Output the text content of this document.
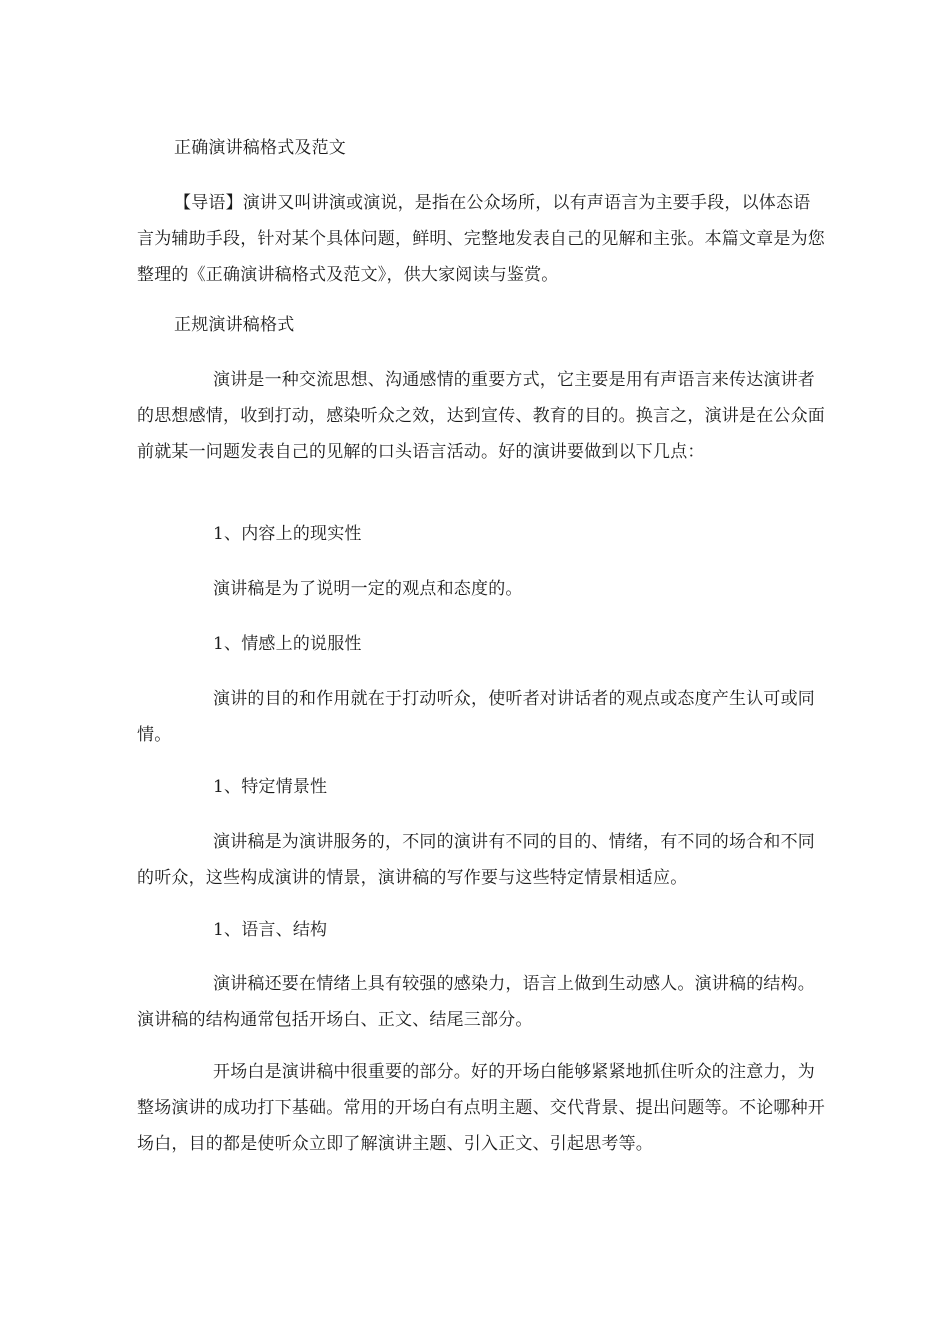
正确演讲稿格式及范文

【导语】演讲又叫讲演或演说，是指在公众场所，以有声语言为主要手段，以体态语言为辅助手段，针对某个具体问题，鲜明、完整地发表自己的见解和主张。本篇文章是为您整理的《正确演讲稿格式及范文》，供大家阅读与鉴赏。

正规演讲稿格式

演讲是一种交流思想、沟通感情的重要方式，它主要是用有声语言来传达演讲者的思想感情，收到打动，感染听众之效，达到宣传、教育的目的。换言之，演讲是在公众面前就某一问题发表自己的见解的口头语言活动。好的演讲要做到以下几点：

1、内容上的现实性

演讲稿是为了说明一定的观点和态度的。

1、情感上的说服性

演讲的目的和作用就在于打动听众，使听者对讲话者的观点或态度产生认可或同情。

1、特定情景性

演讲稿是为演讲服务的，不同的演讲有不同的目的、情绪，有不同的场合和不同的听众，这些构成演讲的情景，演讲稿的写作要与这些特定情景相适应。

1、语言、结构

演讲稿还要在情绪上具有较强的感染力，语言上做到生动感人。演讲稿的结构。演讲稿的结构通常包括开场白、正文、结尾三部分。

开场白是演讲稿中很重要的部分。好的开场白能够紧紧地抓住听众的注意力，为整场演讲的成功打下基础。常用的开场白有点明主题、交代背景、提出问题等。不论哪种开场白，目的都是使听众立即了解演讲主题、引入正文、引起思考等。
